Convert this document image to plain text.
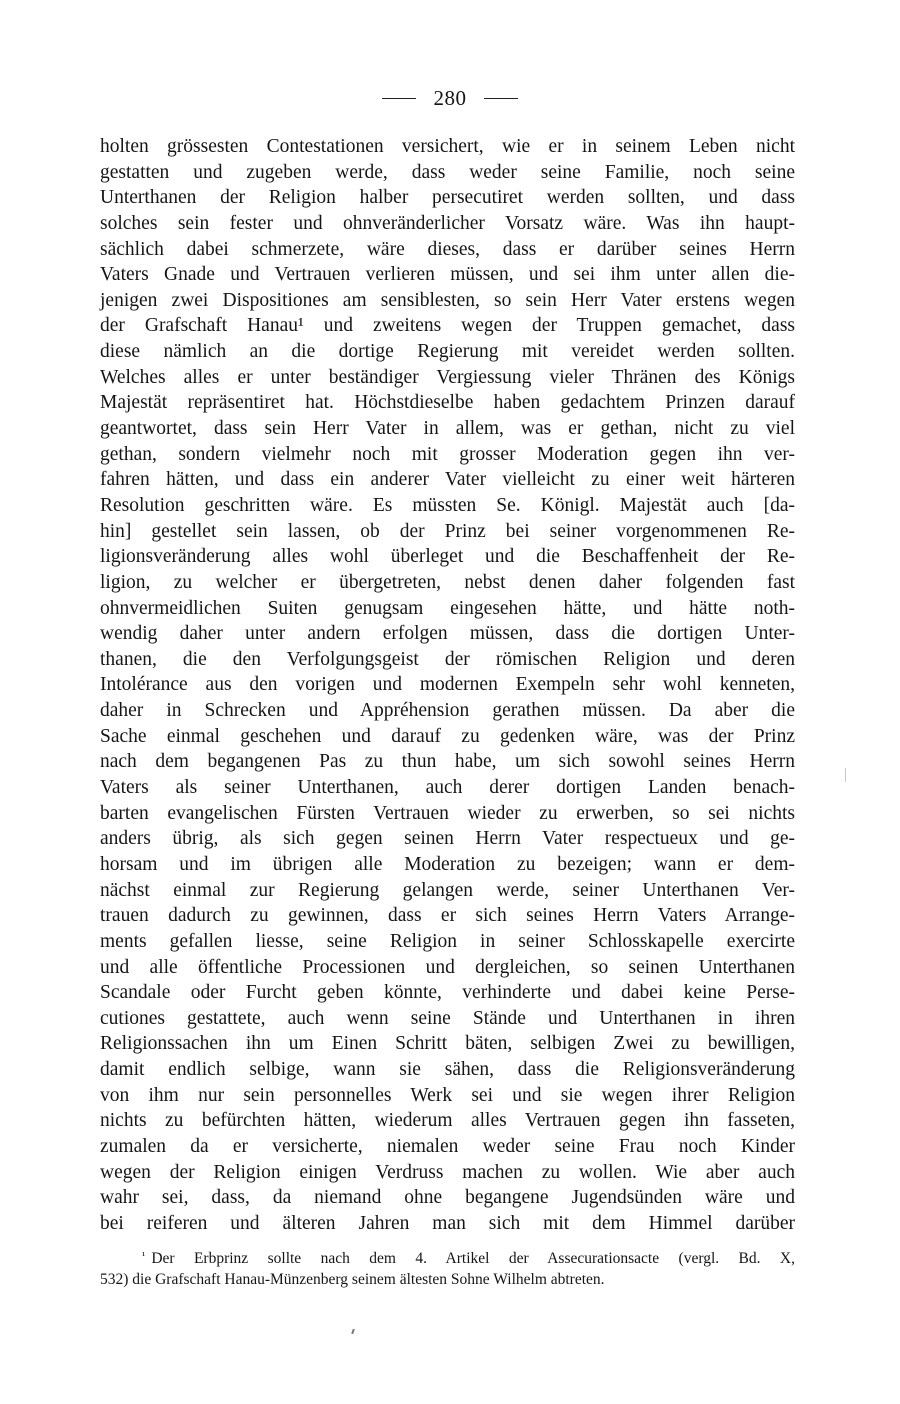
280
holten grössesten Contestationen versichert, wie er in seinem Leben nicht
gestatten und zugeben werde, dass weder seine Familie, noch seine
Unterthanen der Religion halber persecutiret werden sollten, und dass
solches sein fester und ohnveränderlicher Vorsatz wäre. Was ihn haupt-
sächlich dabei schmerzete, wäre dieses, dass er darüber seines Herrn
Vaters Gnade und Vertrauen verlieren müssen, und sei ihm unter allen die-
jenigen zwei Dispositiones am sensiblesten, so sein Herr Vater erstens wegen
der Grafschaft Hanau¹ und zweitens wegen der Truppen gemachet, dass
diese nämlich an die dortige Regierung mit vereidet werden sollten.
Welches alles er unter beständiger Vergiessung vieler Thränen des Königs
Majestät repräsentiret hat. Höchstdieselbe haben gedachtem Prinzen darauf
geantwortet, dass sein Herr Vater in allem, was er gethan, nicht zu viel
gethan, sondern vielmehr noch mit grosser Moderation gegen ihn ver-
fahren hätten, und dass ein anderer Vater vielleicht zu einer weit härteren
Resolution geschritten wäre. Es müssten Se. Königl. Majestät auch [da-
hin] gestellet sein lassen, ob der Prinz bei seiner vorgenommenen Re-
ligionsveränderung alles wohl überleget und die Beschaffenheit der Re-
ligion, zu welcher er übergetreten, nebst denen daher folgenden fast
ohnvermeidlichen Suiten genugsam eingesehen hätte, und hätte noth-
wendig daher unter andern erfolgen müssen, dass die dortigen Unter-
thanen, die den Verfolgungsgeist der römischen Religion und deren
Intolérance aus den vorigen und modernen Exempeln sehr wohl kenneten,
daher in Schrecken und Appréhension gerathen müssen. Da aber die
Sache einmal geschehen und darauf zu gedenken wäre, was der Prinz
nach dem begangenen Pas zu thun habe, um sich sowohl seines Herrn
Vaters als seiner Unterthanen, auch derer dortigen Landen benach-
barten evangelischen Fürsten Vertrauen wieder zu erwerben, so sei nichts
anders übrig, als sich gegen seinen Herrn Vater respectueux und ge-
horsam und im übrigen alle Moderation zu bezeigen; wann er dem-
nächst einmal zur Regierung gelangen werde, seiner Unterthanen Ver-
trauen dadurch zu gewinnen, dass er sich seines Herrn Vaters Arrange-
ments gefallen liesse, seine Religion in seiner Schlosskapelle exercirte
und alle öffentliche Processionen und dergleichen, so seinen Unterthanen
Scandale oder Furcht geben könnte, verhinderte und dabei keine Perse-
cutiones gestattete, auch wenn seine Stände und Unterthanen in ihren
Religionssachen ihn um Einen Schritt bäten, selbigen Zwei zu bewilligen,
damit endlich selbige, wann sie sähen, dass die Religionsveränderung
von ihm nur sein personnelles Werk sei und sie wegen ihrer Religion
nichts zu befürchten hätten, wiederum alles Vertrauen gegen ihn fasseten,
zumalen da er versicherte, niemalen weder seine Frau noch Kinder
wegen der Religion einigen Verdruss machen zu wollen. Wie aber auch
wahr sei, dass, da niemand ohne begangene Jugendsünden wäre und
bei reiferen und älteren Jahren man sich mit dem Himmel darüber
$^{^1}$ Der Erbprinz sollte nach dem 4. Artikel der Assecurationsacte (vergl. Bd. X,
532) die Grafschaft Hanau-Münzenberg seinem ältesten Sohne Wilhelm abtreten.
